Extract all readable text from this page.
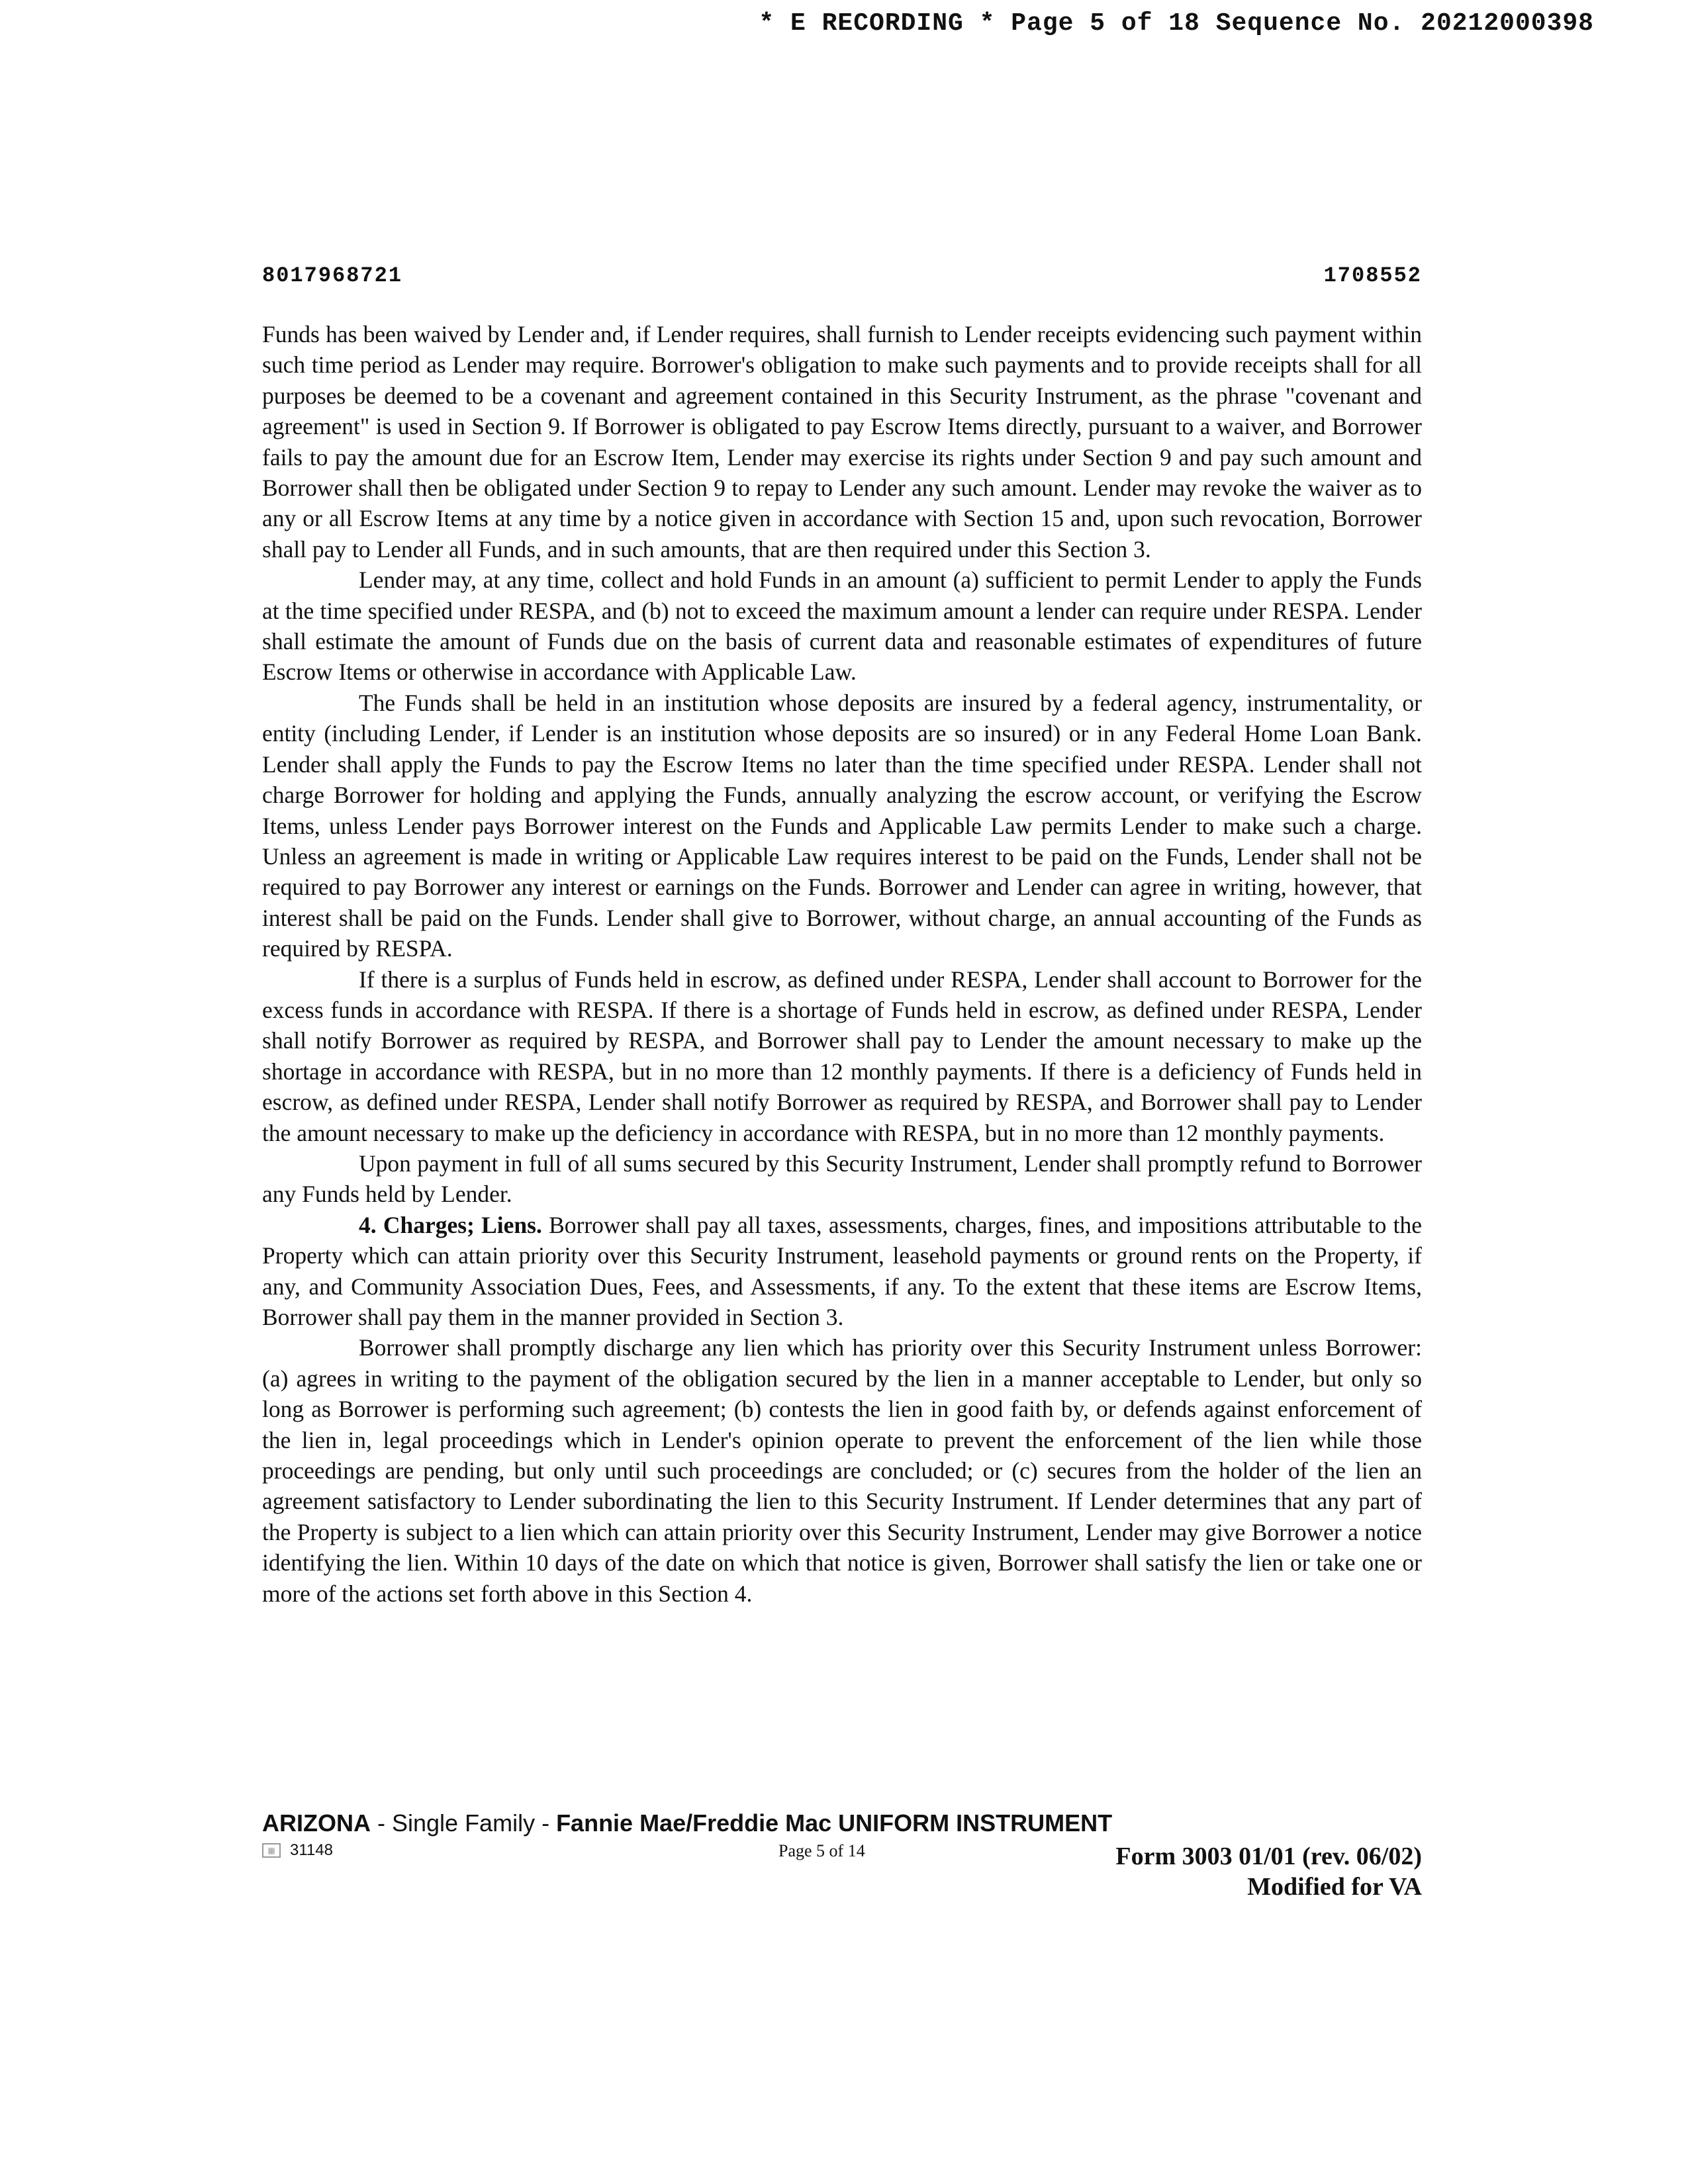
* E RECORDING * Page 5 of 18 Sequence No. 20212000398
8017968721	1708552

Funds has been waived by Lender and, if Lender requires, shall furnish to Lender receipts evidencing such payment within such time period as Lender may require. Borrower's obligation to make such payments and to provide receipts shall for all purposes be deemed to be a covenant and agreement contained in this Security Instrument, as the phrase "covenant and agreement" is used in Section 9. If Borrower is obligated to pay Escrow Items directly, pursuant to a waiver, and Borrower fails to pay the amount due for an Escrow Item, Lender may exercise its rights under Section 9 and pay such amount and Borrower shall then be obligated under Section 9 to repay to Lender any such amount. Lender may revoke the waiver as to any or all Escrow Items at any time by a notice given in accordance with Section 15 and, upon such revocation, Borrower shall pay to Lender all Funds, and in such amounts, that are then required under this Section 3.

Lender may, at any time, collect and hold Funds in an amount (a) sufficient to permit Lender to apply the Funds at the time specified under RESPA, and (b) not to exceed the maximum amount a lender can require under RESPA. Lender shall estimate the amount of Funds due on the basis of current data and reasonable estimates of expenditures of future Escrow Items or otherwise in accordance with Applicable Law.

The Funds shall be held in an institution whose deposits are insured by a federal agency, instrumentality, or entity (including Lender, if Lender is an institution whose deposits are so insured) or in any Federal Home Loan Bank. Lender shall apply the Funds to pay the Escrow Items no later than the time specified under RESPA. Lender shall not charge Borrower for holding and applying the Funds, annually analyzing the escrow account, or verifying the Escrow Items, unless Lender pays Borrower interest on the Funds and Applicable Law permits Lender to make such a charge. Unless an agreement is made in writing or Applicable Law requires interest to be paid on the Funds, Lender shall not be required to pay Borrower any interest or earnings on the Funds. Borrower and Lender can agree in writing, however, that interest shall be paid on the Funds. Lender shall give to Borrower, without charge, an annual accounting of the Funds as required by RESPA.

If there is a surplus of Funds held in escrow, as defined under RESPA, Lender shall account to Borrower for the excess funds in accordance with RESPA. If there is a shortage of Funds held in escrow, as defined under RESPA, Lender shall notify Borrower as required by RESPA, and Borrower shall pay to Lender the amount necessary to make up the shortage in accordance with RESPA, but in no more than 12 monthly payments. If there is a deficiency of Funds held in escrow, as defined under RESPA, Lender shall notify Borrower as required by RESPA, and Borrower shall pay to Lender the amount necessary to make up the deficiency in accordance with RESPA, but in no more than 12 monthly payments.

Upon payment in full of all sums secured by this Security Instrument, Lender shall promptly refund to Borrower any Funds held by Lender.

4. Charges; Liens. Borrower shall pay all taxes, assessments, charges, fines, and impositions attributable to the Property which can attain priority over this Security Instrument, leasehold payments or ground rents on the Property, if any, and Community Association Dues, Fees, and Assessments, if any. To the extent that these items are Escrow Items, Borrower shall pay them in the manner provided in Section 3.

Borrower shall promptly discharge any lien which has priority over this Security Instrument unless Borrower: (a) agrees in writing to the payment of the obligation secured by the lien in a manner acceptable to Lender, but only so long as Borrower is performing such agreement; (b) contests the lien in good faith by, or defends against enforcement of the lien in, legal proceedings which in Lender's opinion operate to prevent the enforcement of the lien while those proceedings are pending, but only until such proceedings are concluded; or (c) secures from the holder of the lien an agreement satisfactory to Lender subordinating the lien to this Security Instrument. If Lender determines that any part of the Property is subject to a lien which can attain priority over this Security Instrument, Lender may give Borrower a notice identifying the lien. Within 10 days of the date on which that notice is given, Borrower shall satisfy the lien or take one or more of the actions set forth above in this Section 4.

ARIZONA - Single Family - Fannie Mae/Freddie Mac UNIFORM INSTRUMENT
▦ 31148	Page 5 of 14	Form 3003 01/01 (rev. 06/02)
Modified for VA
